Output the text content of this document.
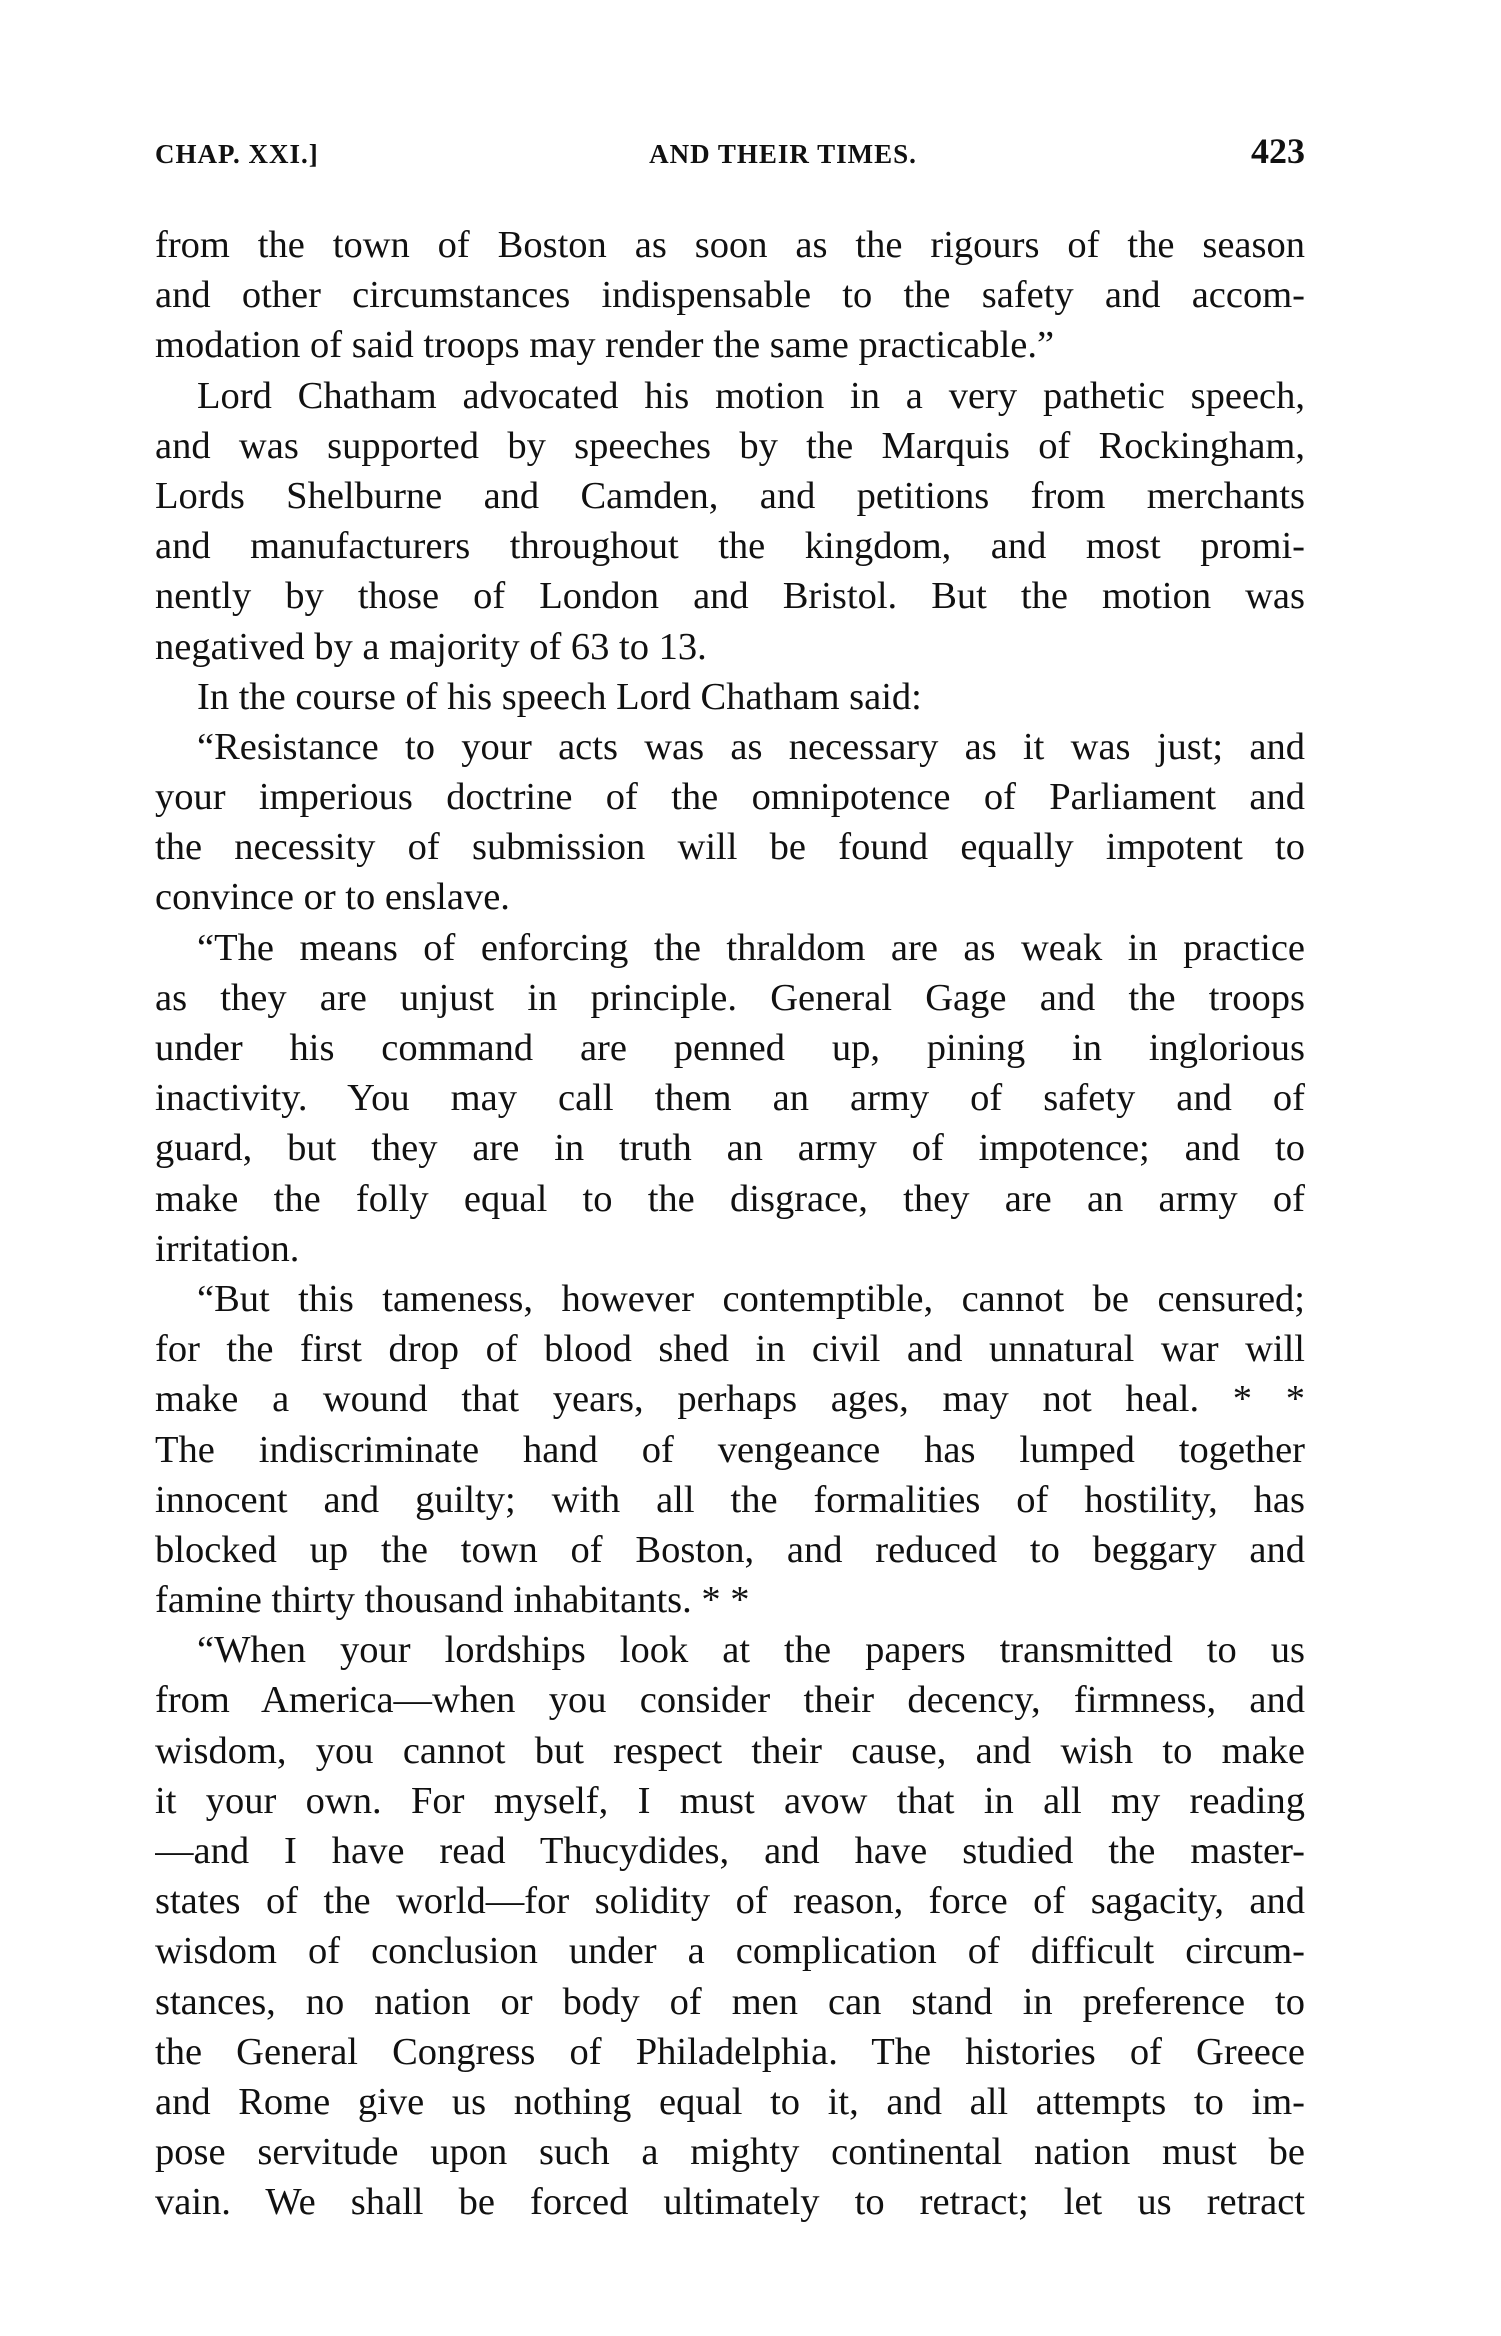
CHAP. XXI.]	AND THEIR TIMES.	423
from the town of Boston as soon as the rigours of the season
and other circumstances indispensable to the safety and accom-
modation of said troops may render the same practicable.”
Lord Chatham advocated his motion in a very pathetic speech,
and was supported by speeches by the Marquis of Rockingham,
Lords Shelburne and Camden, and petitions from merchants
and manufacturers throughout the kingdom, and most promi-
nently by those of London and Bristol. But the motion was
negatived by a majority of 63 to 13.
In the course of his speech Lord Chatham said:
“Resistance to your acts was as necessary as it was just; and
your imperious doctrine of the omnipotence of Parliament and
the necessity of submission will be found equally impotent to
convince or to enslave.
“The means of enforcing the thraldom are as weak in practice
as they are unjust in principle. General Gage and the troops
under his command are penned up, pining in inglorious
inactivity. You may call them an army of safety and of
guard, but they are in truth an army of impotence; and to
make the folly equal to the disgrace, they are an army of
irritation.
“But this tameness, however contemptible, cannot be censured;
for the first drop of blood shed in civil and unnatural war will
make a wound that years, perhaps ages, may not heal. * *
The indiscriminate hand of vengeance has lumped together
innocent and guilty; with all the formalities of hostility, has
blocked up the town of Boston, and reduced to beggary and
famine thirty thousand inhabitants. * *
“When your lordships look at the papers transmitted to us
from America—when you consider their decency, firmness, and
wisdom, you cannot but respect their cause, and wish to make
it your own. For myself, I must avow that in all my reading
—and I have read Thucydides, and have studied the master-
states of the world—for solidity of reason, force of sagacity, and
wisdom of conclusion under a complication of difficult circum-
stances, no nation or body of men can stand in preference to
the General Congress of Philadelphia. The histories of Greece
and Rome give us nothing equal to it, and all attempts to im-
pose servitude upon such a mighty continental nation must be
vain. We shall be forced ultimately to retract; let us retract
